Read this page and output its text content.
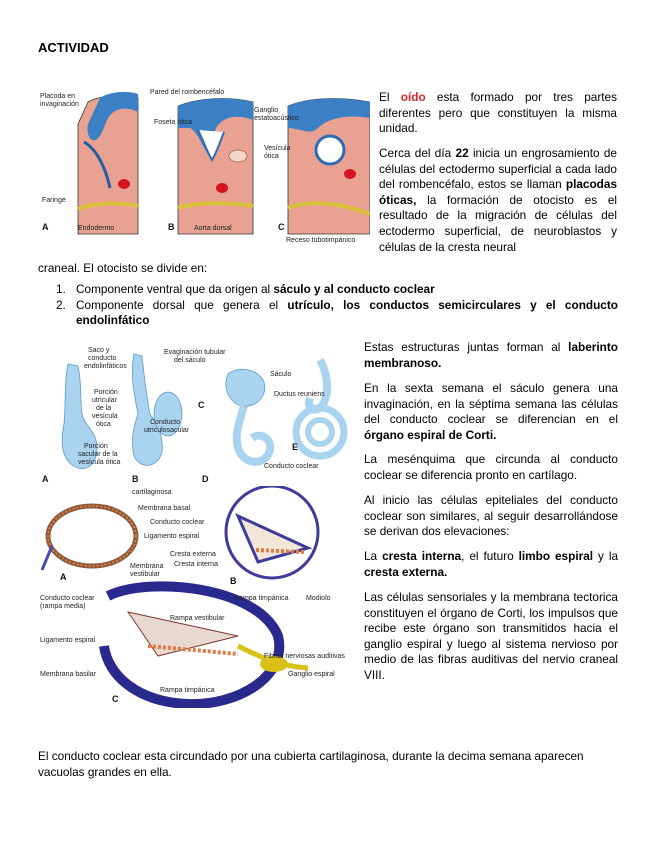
ACTIVIDAD
Placoda en
invaginación
Pared del rombencéfalo
Foseta ótica
Ganglio
estatoacústico
Vesícula
ótica
Faringe
A	Endodermo	B	Aorta dorsal	C
Receso tubotimpánico
El oído esta formado por tres partes diferentes pero que constituyen la misma unidad.
Cerca del día 22 inicia un engrosamiento de células del ectodermo superficial a cada lado del rombencéfalo, estos se llaman placodas óticas, la formación de otocisto es el resultado de la migración de células del ectodermo superficial, de neuroblastos y células de la cresta neural
craneal. El otocisto se divide en:
1. Componente ventral que da origen al sáculo y al conducto coclear
2. Componente dorsal que genera el utrículo, los conductos semicirculares y el conducto endolinfático
Saco y
conducto
endolinfáticos
Evaginación tubular
del sáculo
Sáculo
Ductus reuniens
Porción
utricular
de la
vesícula
ótica	Conducto
utriculosacular
Porción
sacular de la
vesícula ótica
Conducto coclear
A	B
C
D
E
cartílaginosa
Membrana basal
Conducto coclear
Ligamento espiral
Cresta externa
Cresta interna
Membrana
vestibular
Rampa timpánica	Modiolo
Conducto coclear
(rampa media)
Rampa vestibular
Ligamento espiral
Fibras nerviosas auditivas
Ganglio espiral
Membrana basilar
Rampa timpánica
A	B
C
Estas estructuras juntas forman al laberinto membranoso.
En la sexta semana el sáculo genera una invaginación, en la séptima semana las células del conducto coclear se diferencian en el órgano espiral de Corti.
La mesénquima que circunda al conducto coclear se diferencia pronto en cartílago.
Al inicio las células epiteliales del conducto coclear son similares, al seguir desarrollándose se derivan dos elevaciones:
La cresta interna, el futuro limbo espiral y la cresta externa.
Las células sensoriales y la membrana tectorica constituyen el órgano de Corti, los impulsos que recibe este órgano son transmitidos hacia el ganglio espiral y luego al sistema nervioso por medio de las fibras auditivas del nervio craneal VIII.
El conducto coclear esta circundado por una cubierta cartilaginosa, durante la decima semana aparecen vacuolas grandes en ella.
